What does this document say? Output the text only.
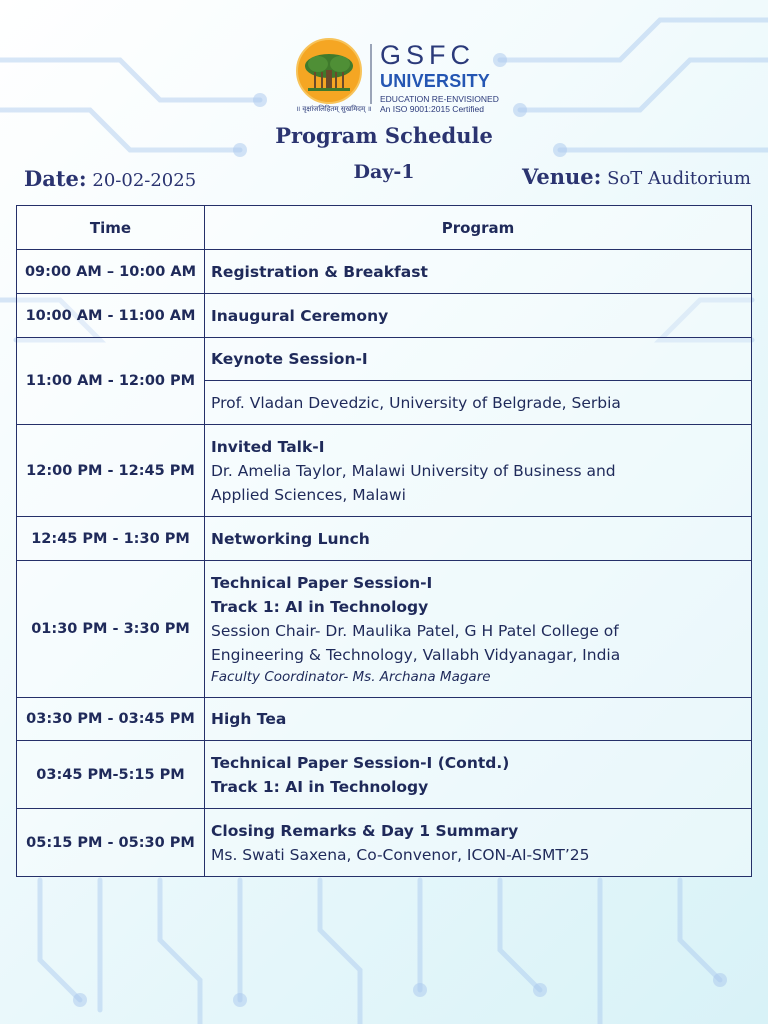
॥ वृक्षांजलिहितम् सुखमिदम् ॥
GSFC
UNIVERSITY
EDUCATION RE-ENVISIONED
An ISO 9001:2015 Certified
Program Schedule
Day-1
Date: 20-02-2025	Venue: SoT Auditorium
Time	Program
09:00 AM – 10:00 AM	Registration & Breakfast

10:00 AM - 11:00 AM	Inaugural Ceremony

11:00 AM - 12:00 PM	Keynote Session-I

	Prof. Vladan Devedzic, University of Belgrade, Serbia

12:00 PM - 12:45 PM	Invited Talk-I
Dr. Amelia Taylor, Malawi University of Business and
Applied Sciences, Malawi

12:45 PM - 1:30 PM	Networking Lunch

01:30 PM - 3:30 PM	Technical Paper Session-I
Track 1: AI in Technology
Session Chair- Dr. Maulika Patel, G H Patel College of
Engineering & Technology, Vallabh Vidyanagar, India
Faculty Coordinator- Ms. Archana Magare

03:30 PM - 03:45 PM	High Tea

03:45 PM-5:15 PM	Technical Paper Session-I (Contd.)
Track 1: AI in Technology

05:15 PM - 05:30 PM	Closing Remarks & Day 1 Summary
Ms. Swati Saxena, Co-Convenor, ICON-AI-SMT’25
